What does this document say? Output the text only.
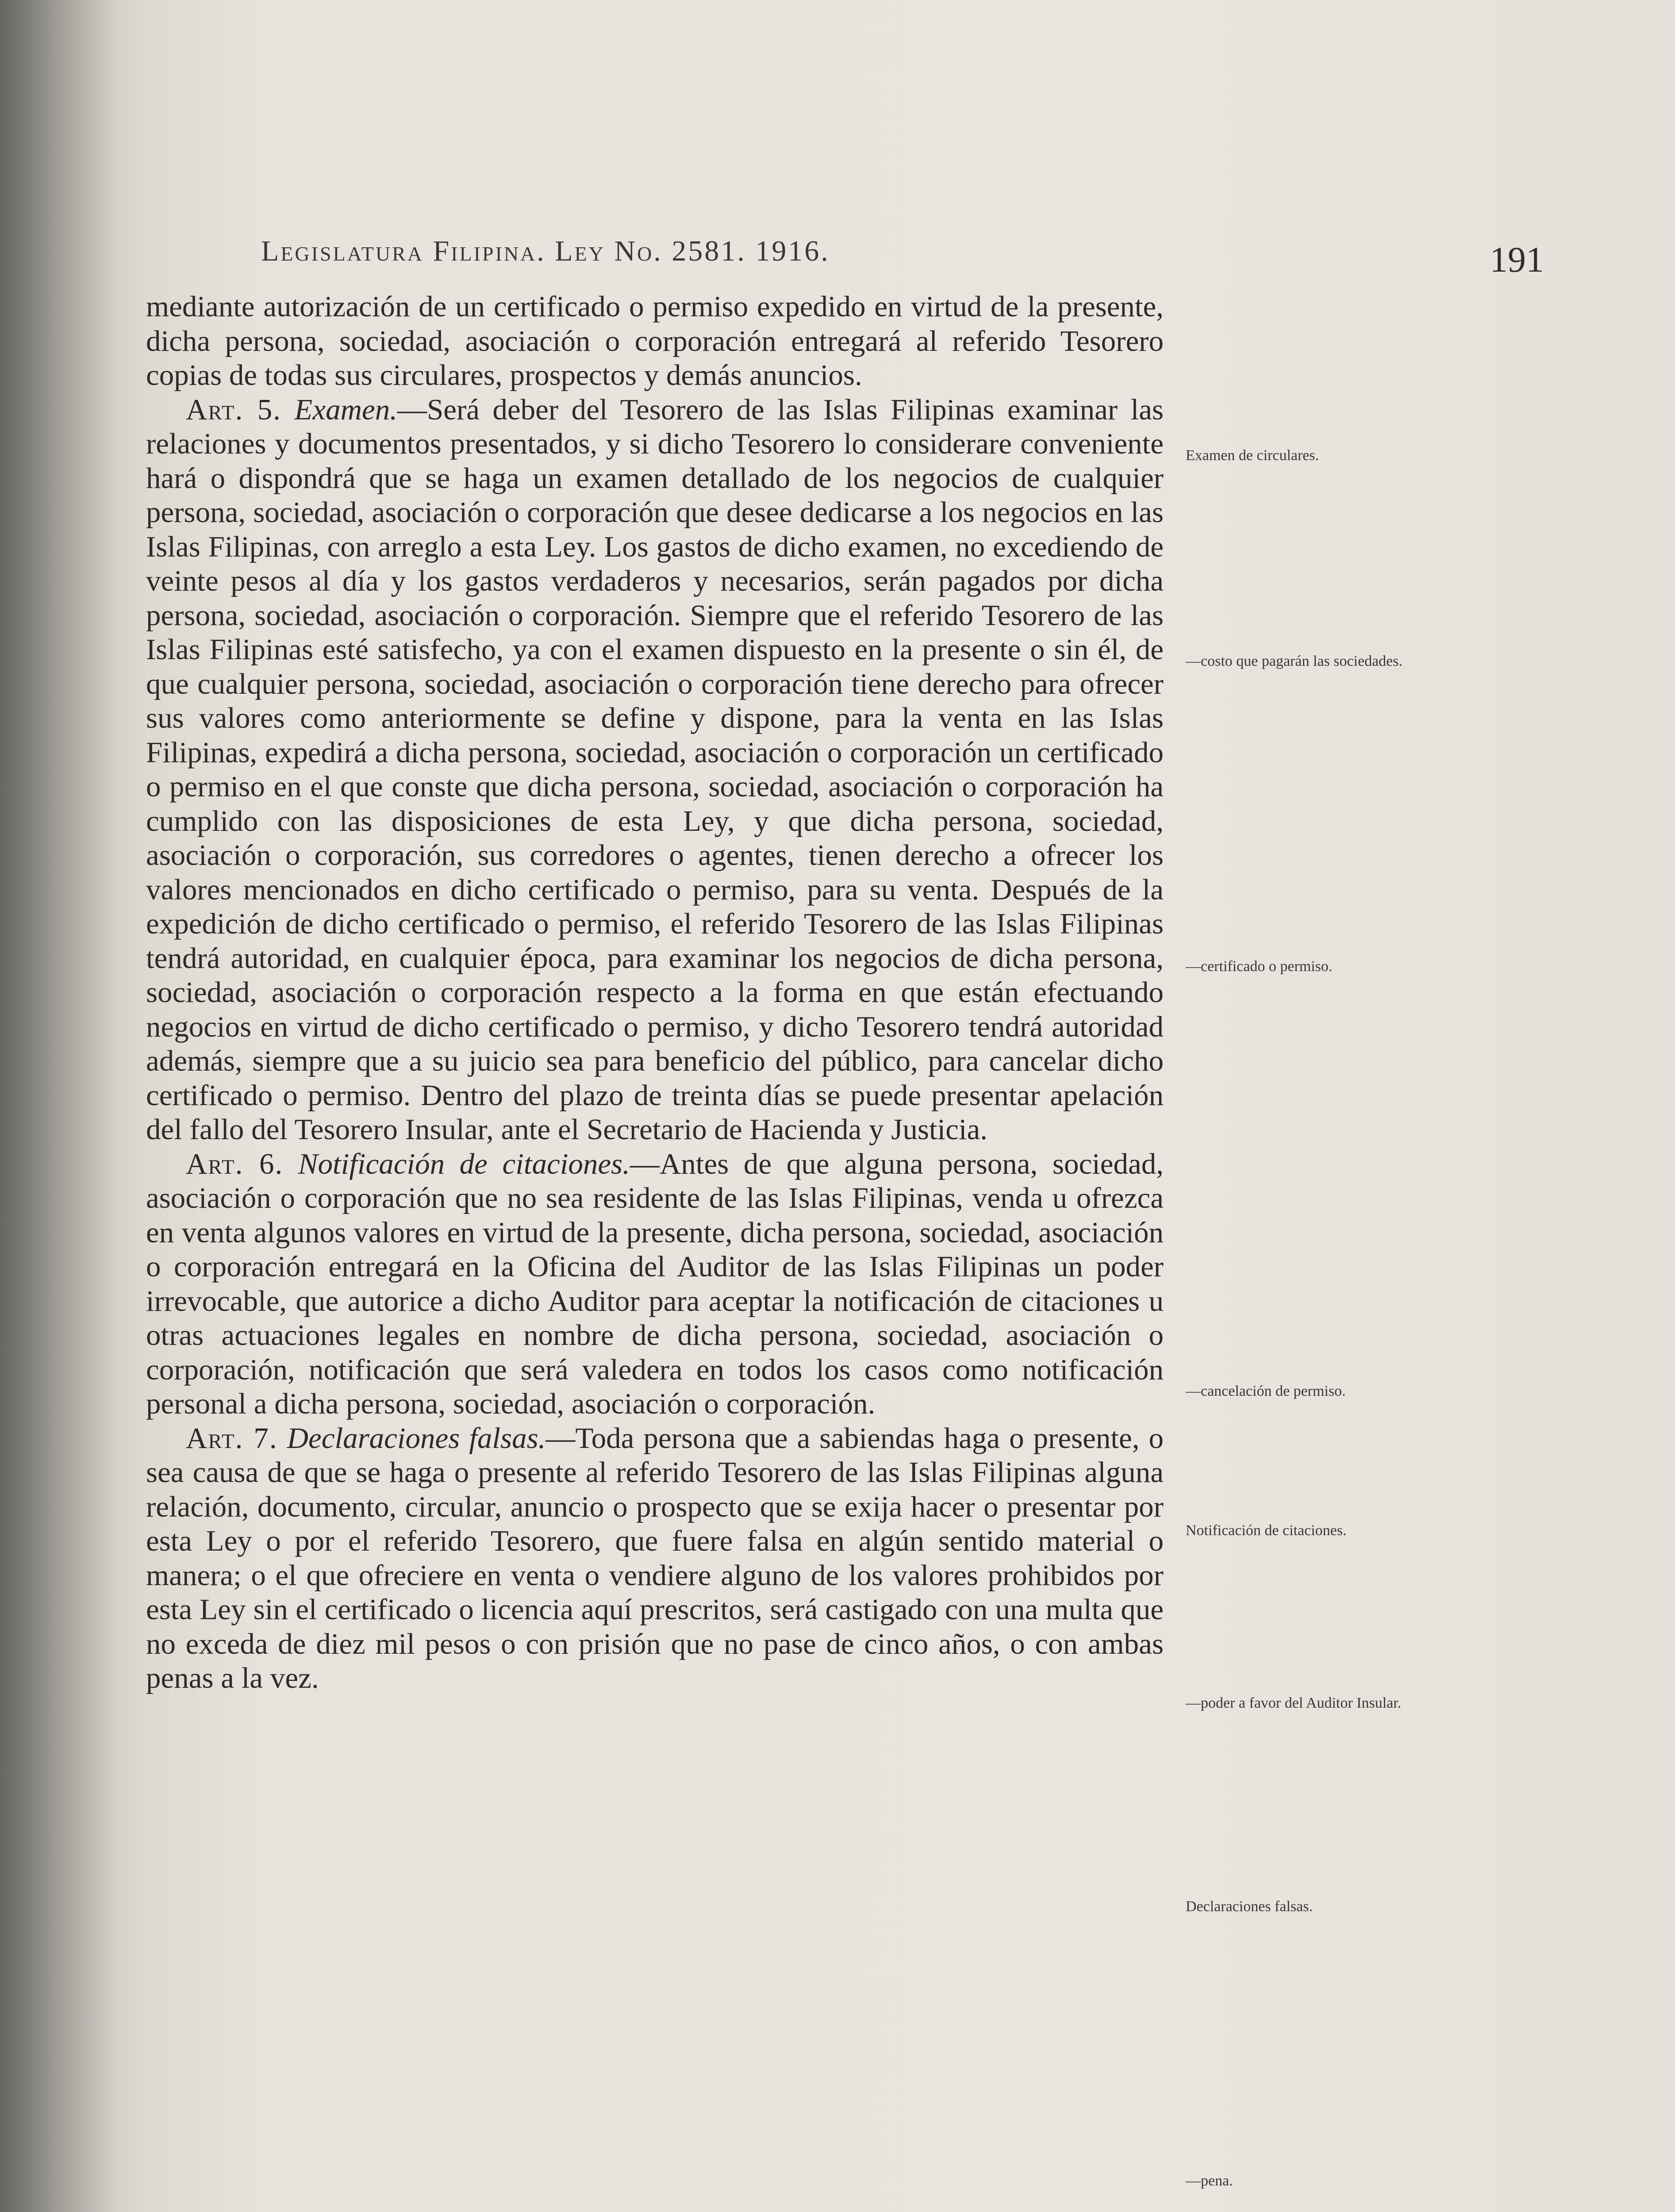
Legislatura Filipina. Ley No. 2581. 1916.	191

mediante autorización de un certificado o permiso expedido en virtud de la presente, dicha persona, sociedad, asociación o corporación entregará al referido Tesorero copias de todas sus circulares, prospectos y demás anuncios.

Art. 5. Examen.—Será deber del Tesorero de las Islas Filipinas examinar las relaciones y documentos presentados, y si dicho Tesorero lo considerare conveniente hará o dispondrá que se haga un examen detallado de los negocios de cualquier persona, sociedad, asociación o corporación que desee dedicarse a los negocios en las Islas Filipinas, con arreglo a esta Ley. Los gastos de dicho examen, no excediendo de veinte pesos al día y los gastos verdaderos y necesarios, serán pagados por dicha persona, sociedad, asociación o corporación. Siempre que el referido Tesorero de las Islas Filipinas esté satisfecho, ya con el examen dispuesto en la presente o sin él, de que cualquier persona, sociedad, asociación o corporación tiene derecho para ofrecer sus valores como anteriormente se define y dispone, para la venta en las Islas Filipinas, expedirá a dicha persona, sociedad, asociación o corporación un certificado o permiso en el que conste que dicha persona, sociedad, asociación o corporación ha cumplido con las disposiciones de esta Ley, y que dicha persona, sociedad, asociación o corporación, sus corredores o agentes, tienen derecho a ofrecer los valores mencionados en dicho certificado o permiso, para su venta. Después de la expedición de dicho certificado o permiso, el referido Tesorero de las Islas Filipinas tendrá autoridad, en cualquier época, para examinar los negocios de dicha persona, sociedad, asociación o corporación respecto a la forma en que están efectuando negocios en virtud de dicho certificado o permiso, y dicho Tesorero tendrá autoridad además, siempre que a su juicio sea para beneficio del público, para cancelar dicho certificado o permiso. Dentro del plazo de treinta días se puede presentar apelación del fallo del Tesorero Insular, ante el Secretario de Hacienda y Justicia.

Art. 6. Notificación de citaciones.—Antes de que alguna persona, sociedad, asociación o corporación que no sea residente de las Islas Filipinas, venda u ofrezca en venta algunos valores en virtud de la presente, dicha persona, sociedad, asociación o corporación entregará en la Oficina del Auditor de las Islas Filipinas un poder irrevocable, que autorice a dicho Auditor para aceptar la notificación de citaciones u otras actuaciones legales en nombre de dicha persona, sociedad, asociación o corporación, notificación que será valedera en todos los casos como notificación personal a dicha persona, sociedad, asociación o corporación.

Art. 7. Declaraciones falsas.—Toda persona que a sabiendas haga o presente, o sea causa de que se haga o presente al referido Tesorero de las Islas Filipinas alguna relación, documento, circular, anuncio o prospecto que se exija hacer o presentar por esta Ley o por el referido Tesorero, que fuere falsa en algún sentido material o manera; o el que ofreciere en venta o vendiere alguno de los valores prohibidos por esta Ley sin el certificado o licencia aquí prescritos, será castigado con una multa que no exceda de diez mil pesos o con prisión que no pase de cinco años, o con ambas penas a la vez.

Examen de circulares.
—costo que pagarán las sociedades.
—certificado o permiso.
—cancelación de permiso.
Notificación de citaciones.
—poder a favor del Auditor Insular.
Declaraciones falsas.
—pena.
